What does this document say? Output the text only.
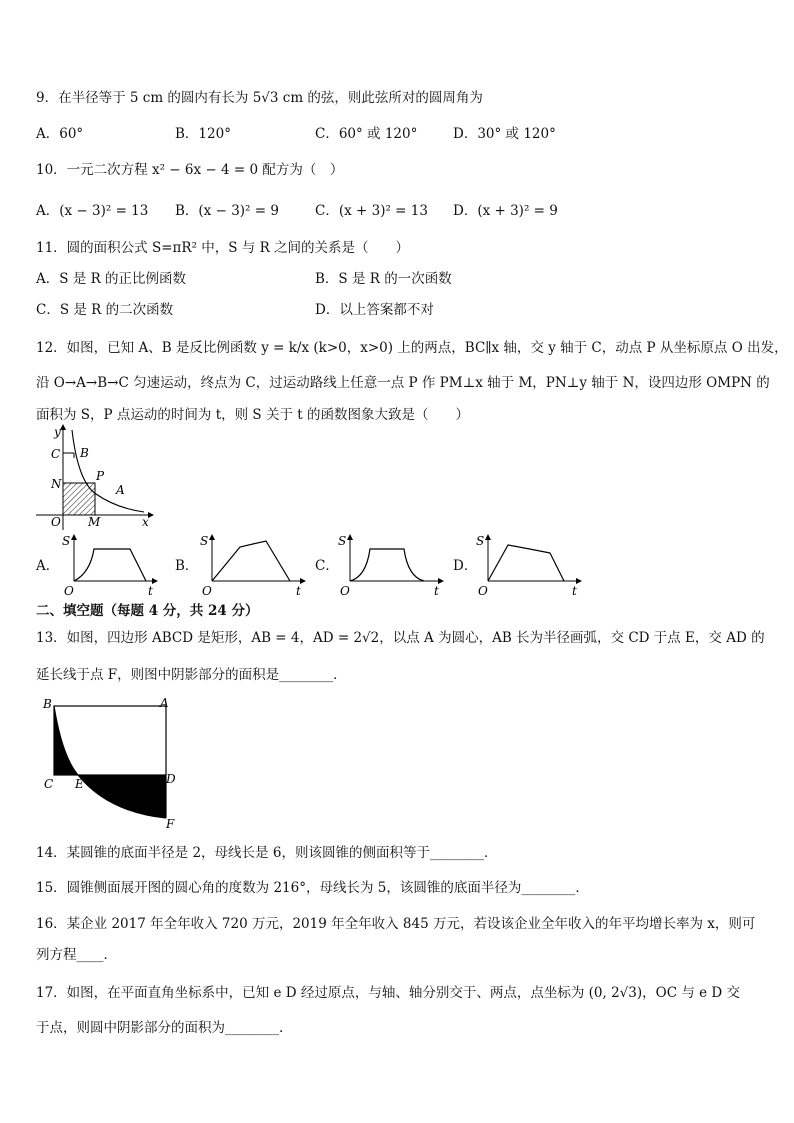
9．在半径等于 5 cm 的圆内有长为 5√3 cm 的弦，则此弦所对的圆周角为
A．60°	B．120°	C．60° 或 120°	D．30° 或 120°
10．一元二次方程 x² − 6x − 4 = 0 配方为（　）
A．(x − 3)² = 13 B．(x − 3)² = 9	C．(x + 3)² = 13 D．(x + 3)² = 9
11．圆的面积公式 S=πR² 中，S 与 R 之间的关系是（　　）
A．S 是 R 的正比例函数	B．S 是 R 的一次函数
C．S 是 R 的二次函数	D．以上答案都不对
12．如图，已知 A、B 是反比例函数 y = k/x (k>0，x>0) 上的两点，BC∥x 轴，交 y 轴于 C，动点 P 从坐标原点 O 出发，
沿 O→A→B→C 匀速运动，终点为 C，过运动路线上任意一点 P 作 PM⊥x 轴于 M，PN⊥y 轴于 N，设四边形 OMPN 的
面积为 S，P 点运动的时间为 t，则 S 关于 t 的函数图象大致是（　　）
y
C B
N
P
A
O M	x
A．
S
O	t
B．
S
O	t
C．
S
O	t
D．
S
O	t
二、填空题（每题 4 分，共 24 分）
13．如图，四边形 ABCD 是矩形，AB = 4，AD = 2√2，以点 A 为圆心，AB 长为半径画弧，交 CD 于点 E，交 AD 的
延长线于点 F，则图中阴影部分的面积是________．
B	A
C E	D
F
14．某圆锥的底面半径是 2，母线长是 6，则该圆锥的侧面积等于________．
15．圆锥侧面展开图的圆心角的度数为 216°，母线长为 5，该圆锥的底面半径为________．
16．某企业 2017 年全年收入 720 万元，2019 年全年收入 845 万元，若设该企业全年收入的年平均增长率为 x，则可
列方程____．
17．如图，在平面直角坐标系中，已知 e D 经过原点，与轴、轴分别交于、两点，点坐标为 (0, 2√3)，OC 与 e D 交
于点，则圆中阴影部分的面积为________.
